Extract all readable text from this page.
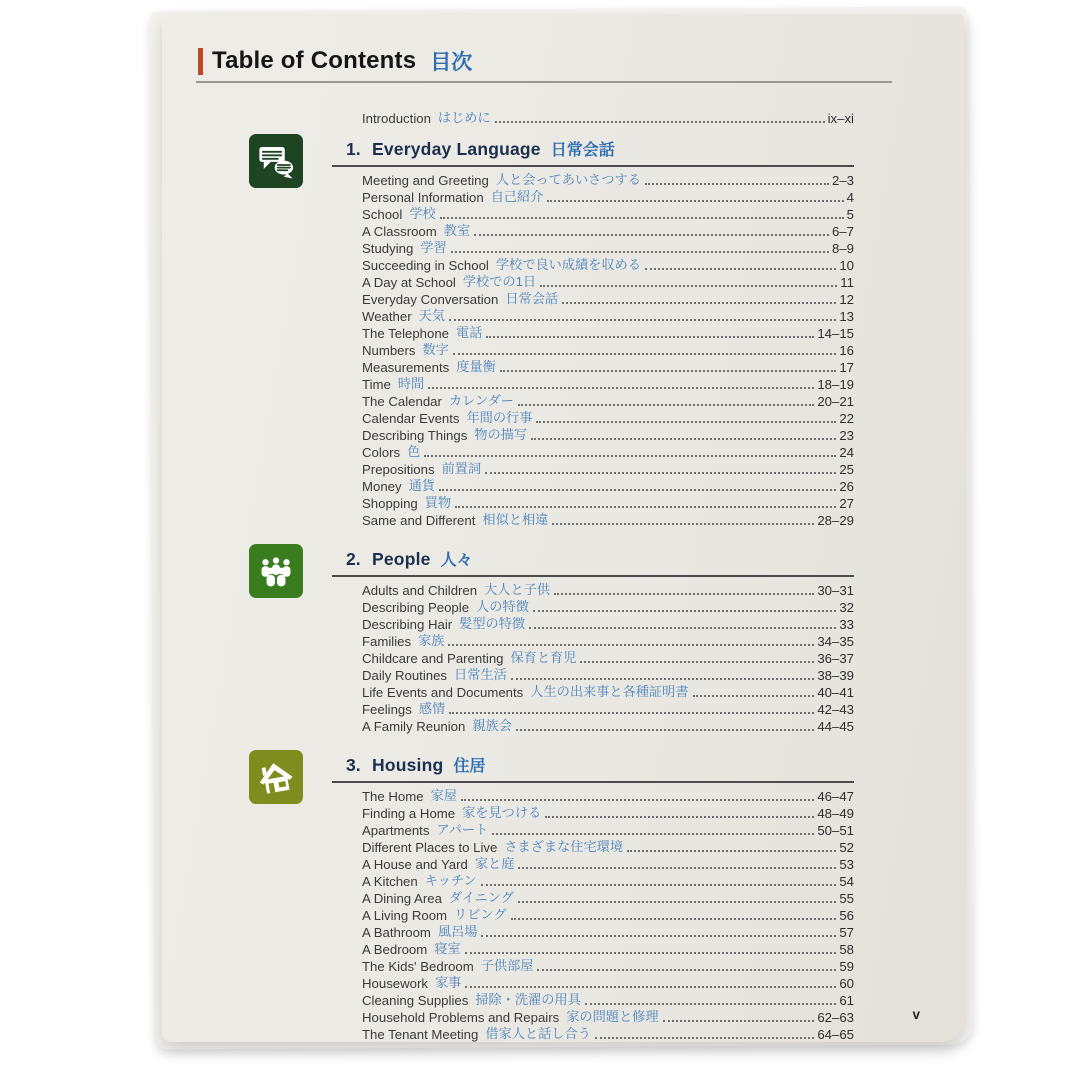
Table of Contents 目次
Introduction はじめに	ix–xi
1. Everyday Language 日常会話
Meeting and Greeting 人と会ってあいさつする	2–3
Personal Information 自己紹介	4
School 学校	5
A Classroom 教室	6–7
Studying 学習	8–9
Succeeding in School 学校で良い成績を収める	10
A Day at School 学校での1日	11
Everyday Conversation 日常会話	12
Weather 天気	13
The Telephone 電話	14–15
Numbers 数字	16
Measurements 度量衡	17
Time 時間	18–19
The Calendar カレンダー	20–21
Calendar Events 年間の行事	22
Describing Things 物の描写	23
Colors 色	24
Prepositions 前置詞	25
Money 通貨	26
Shopping 買物	27
Same and Different 相似と相違	28–29
2. People 人々
Adults and Children 大人と子供	30–31
Describing People 人の特徴	32
Describing Hair 髪型の特徴	33
Families 家族	34–35
Childcare and Parenting 保育と育児	36–37
Daily Routines 日常生活	38–39
Life Events and Documents 人生の出来事と各種証明書	40–41
Feelings 感情	42–43
A Family Reunion 親族会	44–45
3. Housing 住居
The Home 家屋	46–47
Finding a Home 家を見つける	48–49
Apartments アパート	50–51
Different Places to Live さまざまな住宅環境	52
A House and Yard 家と庭	53
A Kitchen キッチン	54
A Dining Area ダイニング	55
A Living Room リビング	56
A Bathroom 風呂場	57
A Bedroom 寝室	58
The Kids' Bedroom 子供部屋	59
Housework 家事	60
Cleaning Supplies 掃除・洗濯の用具	61
Household Problems and Repairs 家の問題と修理	62–63
The Tenant Meeting 借家人と話し合う	64–65
v
